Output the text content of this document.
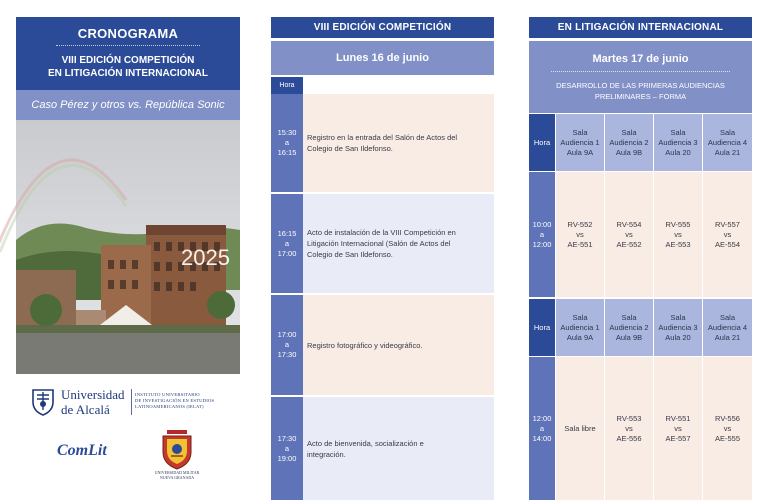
CRONOGRAMA
VIII EDICIÓN COMPETICIÓN
EN LITIGACIÓN INTERNACIONAL
Caso Pérez y otros vs. República Sonic
2025
2025
Universidad
de Alcalá
INSTITUTO UNIVERSITARIO
DE INVESTIGACIÓN EN ESTUDIOS
LATINOAMERICANOS (IELAT)
ComLit
UNIVERSIDAD MILITAR
NUEVA GRANADA
VIII EDICIÓN COMPETICIÓN
Lunes 16 de junio
Hora
15:30
a
16:15
Registro en la entrada del Salón de Actos del Colegio de San Ildefonso.
16:15
a
17:00
Acto de instalación de la VIII Competición en Litigación Internacional (Salón de Actos del Colegio de San Ildefonso.
17:00
a
17:30
Registro fotográfico y videográfico.
17:30
a
19:00
Acto de bienvenida, socialización e integración.
EN LITIGACIÓN INTERNACIONAL
Martes 17 de junio
DESARROLLO DE LAS PRIMERAS AUDIENCIAS PRELIMINARES – FORMA
Hora
Sala
Audiencia 1
Aula 9A
Sala
Audiencia 2
Aula 9B
Sala
Audiencia 3
Aula 20
Sala
Audiencia 4
Aula 21
10:00
a
12:00
RV-552
vs
AE-551
RV-554
vs
AE-552
RV-555
vs
AE-553
RV-557
vs
AE-554
Hora
Sala
Audiencia 1
Aula 9A
Sala
Audiencia 2
Aula 9B
Sala
Audiencia 3
Aula 20
Sala
Audiencia 4
Aula 21
12:00
a
14:00
Sala libre
RV-553
vs
AE-556
RV-551
vs
AE-557
RV-556
vs
AE-555
